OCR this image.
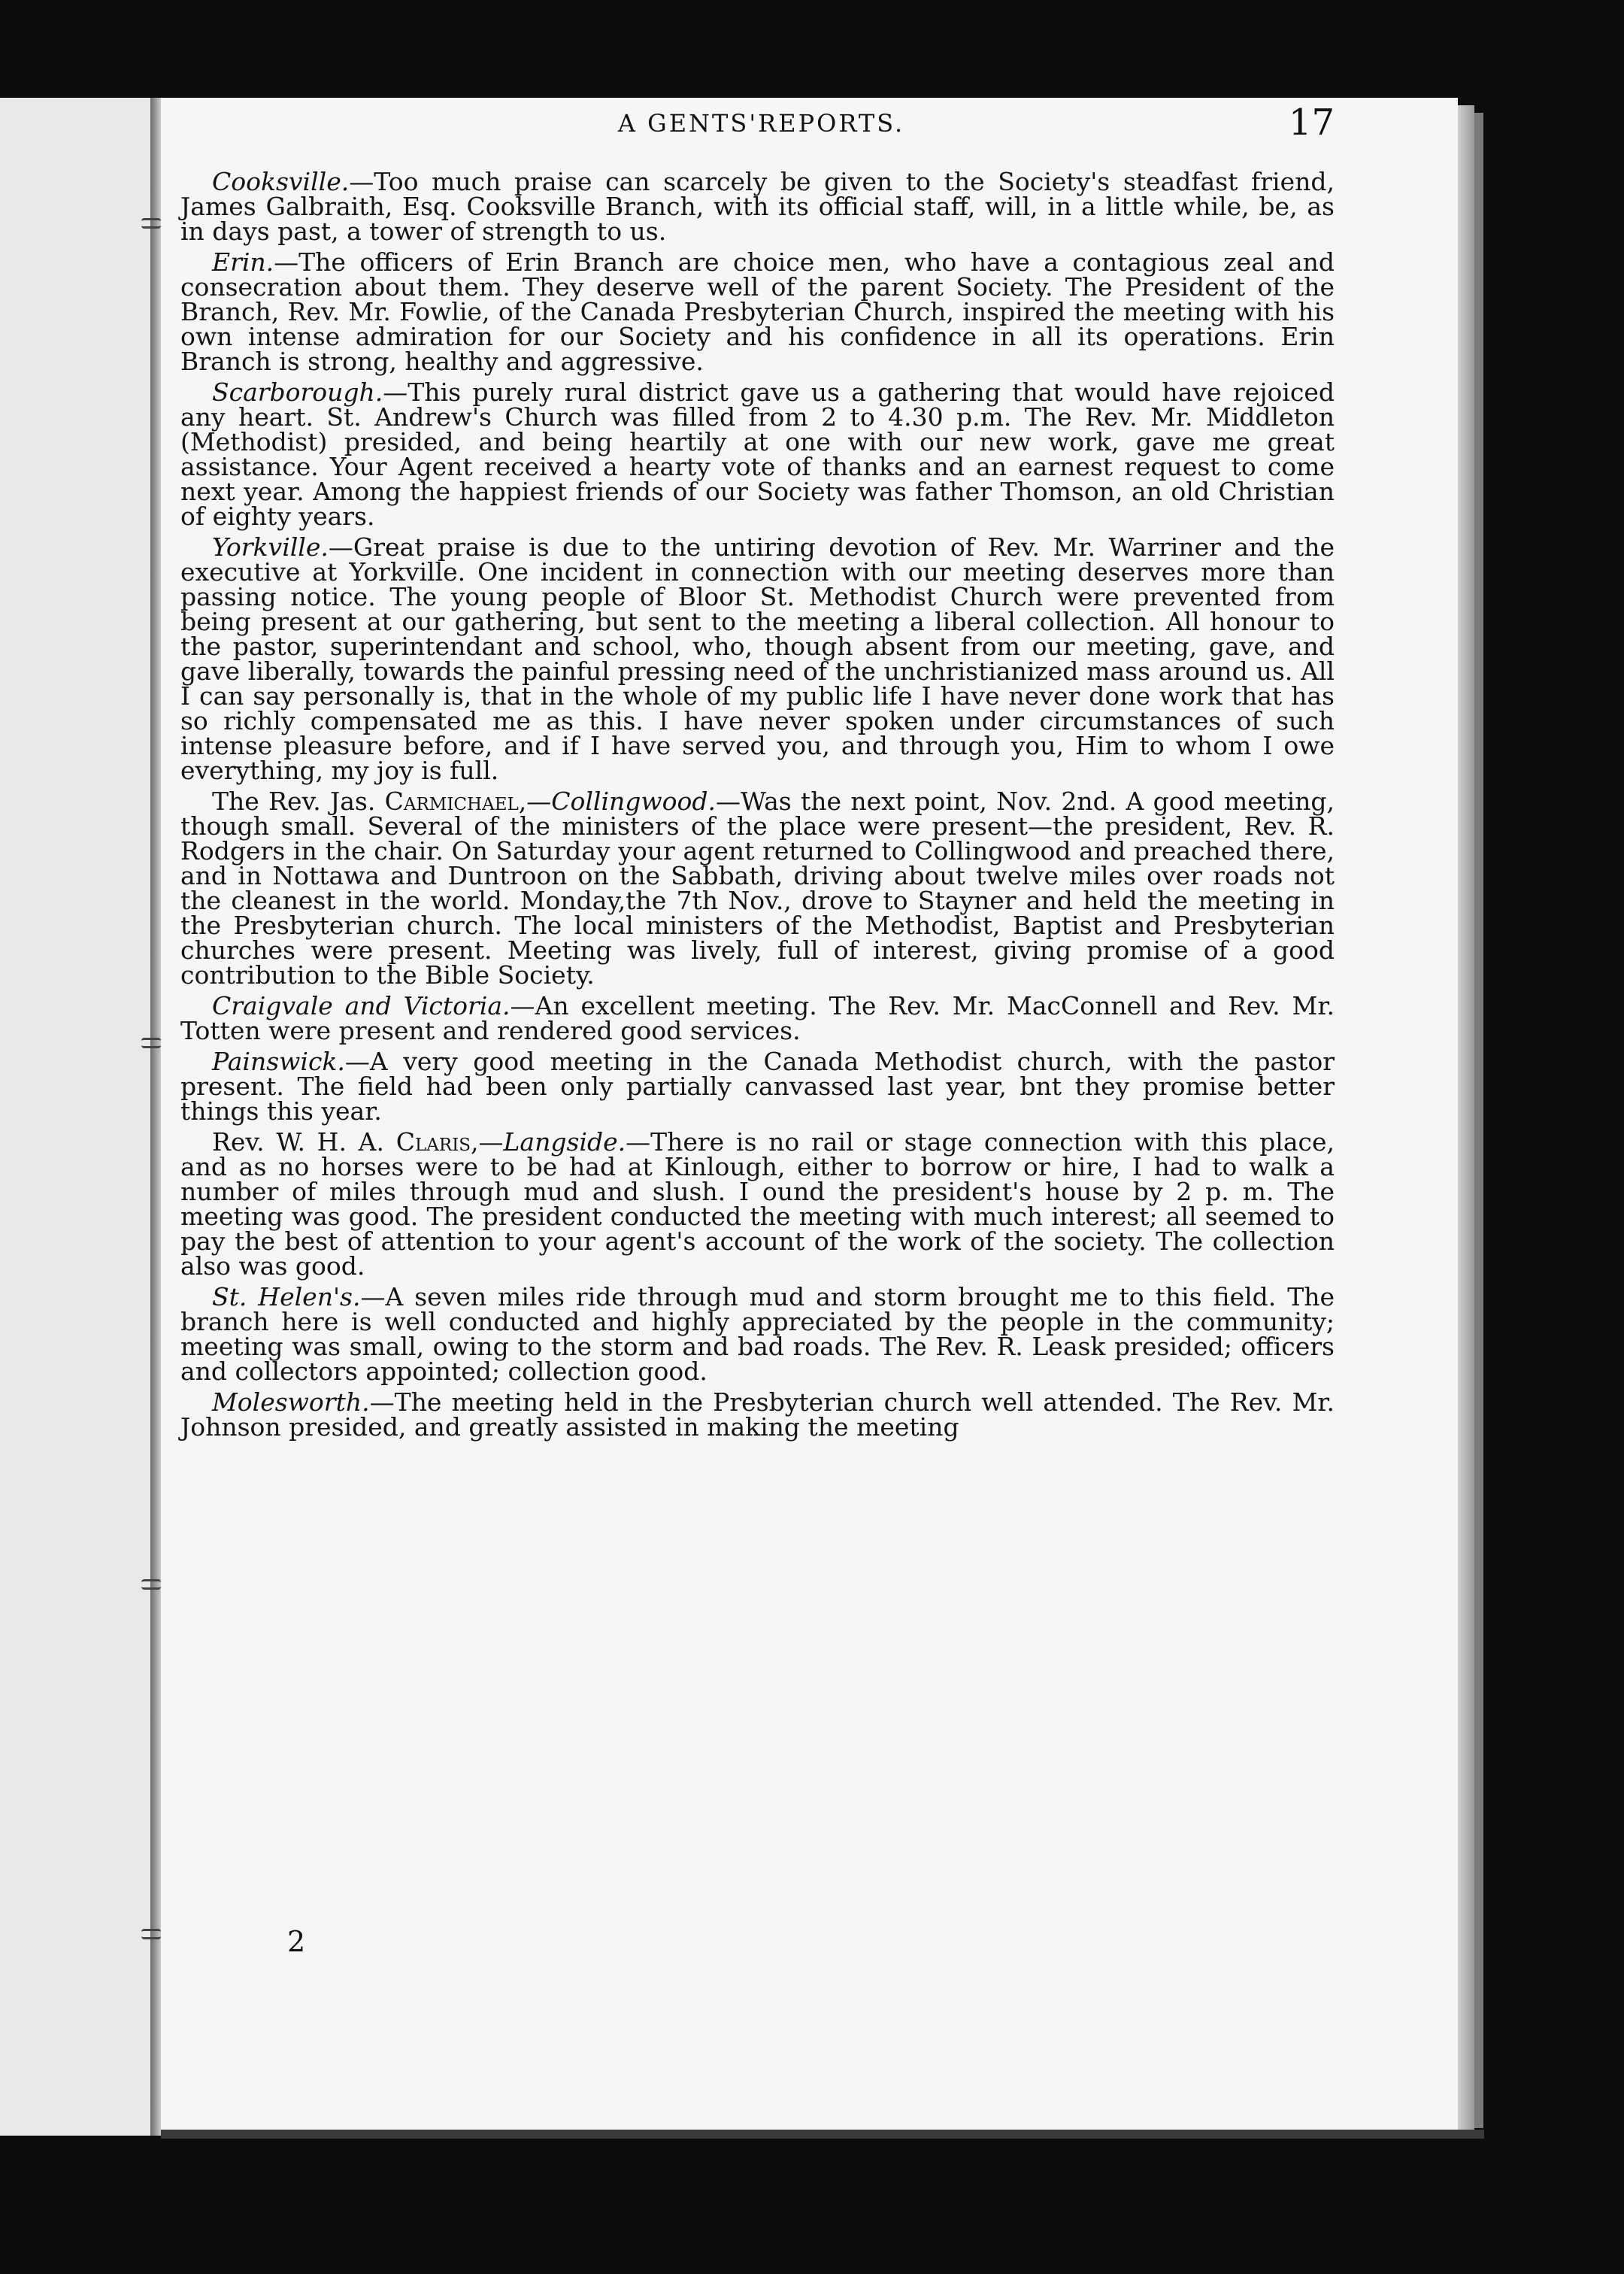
A GENTS'REPORTS.	17

Cooksville.—Too much praise can scarcely be given to the Society's steadfast friend, James Galbraith, Esq. Cooksville Branch, with its official staff, will, in a little while, be, as in days past, a tower of strength to us.

Erin.—The officers of Erin Branch are choice men, who have a contagious zeal and consecration about them. They deserve well of the parent Society. The President of the Branch, Rev. Mr. Fowlie, of the Canada Presbyterian Church, inspired the meeting with his own intense admiration for our Society and his confidence in all its operations. Erin Branch is strong, healthy and aggressive.

Scarborough.—This purely rural district gave us a gathering that would have rejoiced any heart. St. Andrew's Church was filled from 2 to 4.30 p.m. The Rev. Mr. Middleton (Methodist) presided, and being heartily at one with our new work, gave me great assistance. Your Agent received a hearty vote of thanks and an earnest request to come next year. Among the happiest friends of our Society was father Thomson, an old Christian of eighty years.

Yorkville.—Great praise is due to the untiring devotion of Rev. Mr. Warriner and the executive at Yorkville. One incident in connection with our meeting deserves more than passing notice. The young people of Bloor St. Methodist Church were prevented from being present at our gathering, but sent to the meeting a liberal collection. All honour to the pastor, superintendant and school, who, though absent from our meeting, gave, and gave liberally, towards the painful pressing need of the unchristianized mass around us. All I can say personally is, that in the whole of my public life I have never done work that has so richly compensated me as this. I have never spoken under circumstances of such intense pleasure before, and if I have served you, and through you, Him to whom I owe everything, my joy is full.

The Rev. Jas. Carmichael,—Collingwood.—Was the next point, Nov. 2nd. A good meeting, though small. Several of the ministers of the place were present—the president, Rev. R. Rodgers in the chair. On Saturday your agent returned to Collingwood and preached there, and in Nottawa and Duntroon on the Sabbath, driving about twelve miles over roads not the cleanest in the world. Monday,the 7th Nov., drove to Stayner and held the meeting in the Presbyterian church. The local ministers of the Methodist, Baptist and Presbyterian churches were present. Meeting was lively, full of interest, giving promise of a good contribution to the Bible Society.

Craigvale and Victoria.—An excellent meeting. The Rev. Mr. MacConnell and Rev. Mr. Totten were present and rendered good services.

Painswick.—A very good meeting in the Canada Methodist church, with the pastor present. The field had been only partially canvassed last year, bnt they promise better things this year.

Rev. W. H. A. Claris,—Langside.—There is no rail or stage connection with this place, and as no horses were to be had at Kinlough, either to borrow or hire, I had to walk a number of miles through mud and slush. I ound the president's house by 2 p. m. The meeting was good. The president conducted the meeting with much interest; all seemed to pay the best of attention to your agent's account of the work of the society. The collection also was good.

St. Helen's.—A seven miles ride through mud and storm brought me to this field. The branch here is well conducted and highly appreciated by the people in the community; meeting was small, owing to the storm and bad roads. The Rev. R. Leask presided; officers and collectors appointed; collection good.

Molesworth.—The meeting held in the Presbyterian church well attended. The Rev. Mr. Johnson presided, and greatly assisted in making the meeting

2
